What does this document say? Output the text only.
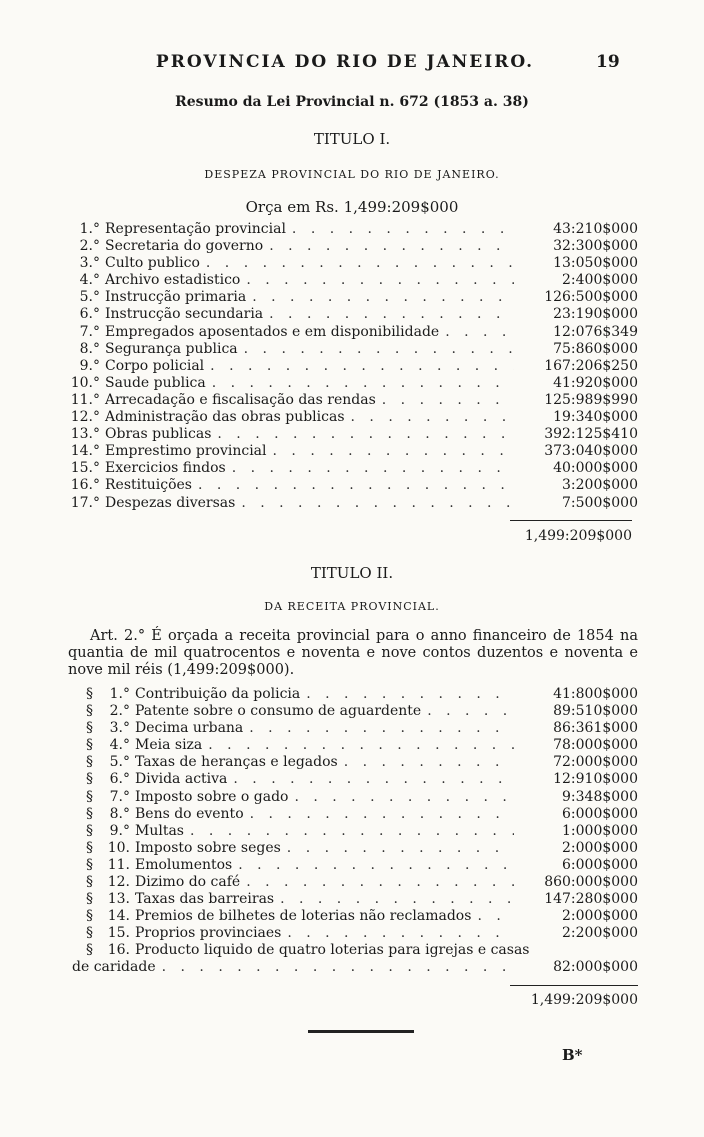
PROVINCIA DO RIO DE JANEIRO.	19
Resumo da Lei Provincial n. 672 (1853 a. 38)
TITULO I.
DESPEZA PROVINCIAL DO RIO DE JANEIRO.
Orça em Rs. 1,499:209$000
1.° Representação provincial . . .	43:210$000
2.° Secretaria do governo . . .	32:300$000
3.° Culto publico . . .	13:050$000
4.° Archivo estadistico . . .	2:400$000
5.° Instrucção primaria . . .	126:500$000
6.° Instrucção secundaria . . .	23:190$000
7.° Empregados aposentados e em disponibilidade . . .	12:076$349
8.° Segurança publica . . .	75:860$000
9.° Corpo policial . . .	167:206$250
10.° Saude publica . . .	41:920$000
11.° Arrecadação e fiscalisação das rendas . . .	125:989$990
12.° Administração das obras publicas . . .	19:340$000
13.° Obras publicas . . .	392:125$410
14.° Emprestimo provincial . . .	373:040$000
15.° Exercicios findos . . .	40:000$000
16.° Restituições . . .	3:200$000
17.° Despezas diversas . . .	7:500$000
1,499:209$000
TITULO II.
DA RECEITA PROVINCIAL.

Art. 2.° É orçada a receita provincial para o anno financeiro de 1854 na quantia de mil quatrocentos e noventa e nove contos duzentos e noventa e nove mil réis (1,499:209$000).

§	1.° Contribuição da policia . . .	41:800$000
§	2.° Patente sobre o consumo de aguardente . . .	89:510$000
§	3.° Decima urbana . . .	86:361$000
§	4.° Meia siza . . .	78:000$000
§	5.° Taxas de heranças e legados . . .	72:000$000
§	6.° Divida activa . . .	12:910$000
§	7.° Imposto sobre o gado . . .	9:348$000
§	8.° Bens do evento . . .	6:000$000
§	9.° Multas . . .	1:000$000
§	10. Imposto sobre seges . . .	2:000$000
§	11. Emolumentos . . .	6:000$000
§	12. Dizimo do café . . .	860:000$000
§	13. Taxas das barreiras . . .	147:280$000
§	14. Premios de bilhetes de loterias não reclamados . . .	2:000$000
§	15. Proprios provinciaes . . .	2:200$000
§	16. Producto liquido de quatro loterias para igrejas e casas
de caridade . . .	82:000$000
1,499:209$000
B*
